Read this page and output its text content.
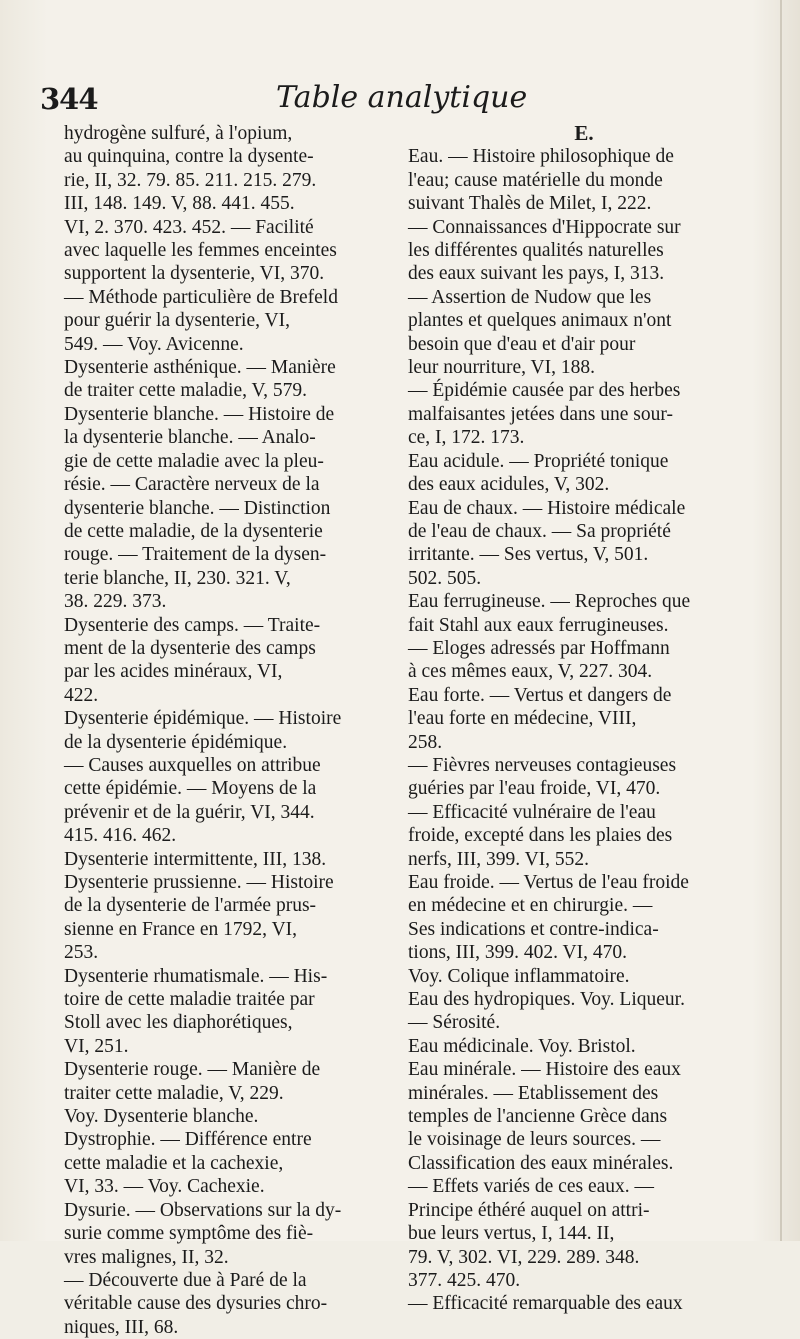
344	Table analytique

hydrogène sulfuré, à l'opium,
au quinquina, contre la dysente-
rie, II, 32. 79. 85. 211. 215. 279.
III, 148. 149. V, 88. 441. 455.
VI, 2. 370. 423. 452. — Facilité
avec laquelle les femmes enceintes
supportent la dysenterie, VI, 370.
— Méthode particulière de Brefeld
pour guérir la dysenterie, VI,
549. — Voy. Avicenne.

Dysenterie asthénique. — Manière
de traiter cette maladie, V, 579.

Dysenterie blanche. — Histoire de
la dysenterie blanche. — Analo-
gie de cette maladie avec la pleu-
résie. — Caractère nerveux de la
dysenterie blanche. — Distinction
de cette maladie, de la dysenterie
rouge. — Traitement de la dysen-
terie blanche, II, 230. 321. V,
38. 229. 373.

Dysenterie des camps. — Traite-
ment de la dysenterie des camps
par les acides minéraux, VI,
422.

Dysenterie épidémique. — Histoire
de la dysenterie épidémique.
— Causes auxquelles on attribue
cette épidémie. — Moyens de la
prévenir et de la guérir, VI, 344.
415. 416. 462.

Dysenterie intermittente, III, 138.

Dysenterie prussienne. — Histoire
de la dysenterie de l'armée prus-
sienne en France en 1792, VI,
253.

Dysenterie rhumatismale. — His-
toire de cette maladie traitée par
Stoll avec les diaphorétiques,
VI, 251.

Dysenterie rouge. — Manière de
traiter cette maladie, V, 229.
Voy. Dysenterie blanche.

Dystrophie. — Différence entre
cette maladie et la cachexie,
VI, 33. — Voy. Cachexie.

Dysurie. — Observations sur la dy-
surie comme symptôme des fiè-
vres malignes, II, 32.
— Découverte due à Paré de la
véritable cause des dysuries chro-
niques, III, 68.

E.

Eau. — Histoire philosophique de
l'eau; cause matérielle du monde
suivant Thalès de Milet, I, 222.
— Connaissances d'Hippocrate sur
les différentes qualités naturelles
des eaux suivant les pays, I, 313.
— Assertion de Nudow que les
plantes et quelques animaux n'ont
besoin que d'eau et d'air pour
leur nourriture, VI, 188.
— Épidémie causée par des herbes
malfaisantes jetées dans une sour-
ce, I, 172. 173.

Eau acidule. — Propriété tonique
des eaux acidules, V, 302.

Eau de chaux. — Histoire médicale
de l'eau de chaux. — Sa propriété
irritante. — Ses vertus, V, 501.
502. 505.

Eau ferrugineuse. — Reproches que
fait Stahl aux eaux ferrugineuses.
— Eloges adressés par Hoffmann
à ces mêmes eaux, V, 227. 304.

Eau forte. — Vertus et dangers de
l'eau forte en médecine, VIII,
258.
— Fièvres nerveuses contagieuses
guéries par l'eau froide, VI, 470.
— Efficacité vulnéraire de l'eau
froide, excepté dans les plaies des
nerfs, III, 399. VI, 552.

Eau froide. — Vertus de l'eau froide
en médecine et en chirurgie. —
Ses indications et contre-indica-
tions, III, 399. 402. VI, 470.
Voy. Colique inflammatoire.

Eau des hydropiques. Voy. Liqueur.
— Sérosité.

Eau médicinale. Voy. Bristol.

Eau minérale. — Histoire des eaux
minérales. — Etablissement des
temples de l'ancienne Grèce dans
le voisinage de leurs sources. —
Classification des eaux minérales.
— Effets variés de ces eaux. —
Principe éthéré auquel on attri-
bue leurs vertus, I, 144. II,
79. V, 302. VI, 229. 289. 348.
377. 425. 470.
— Efficacité remarquable des eaux
